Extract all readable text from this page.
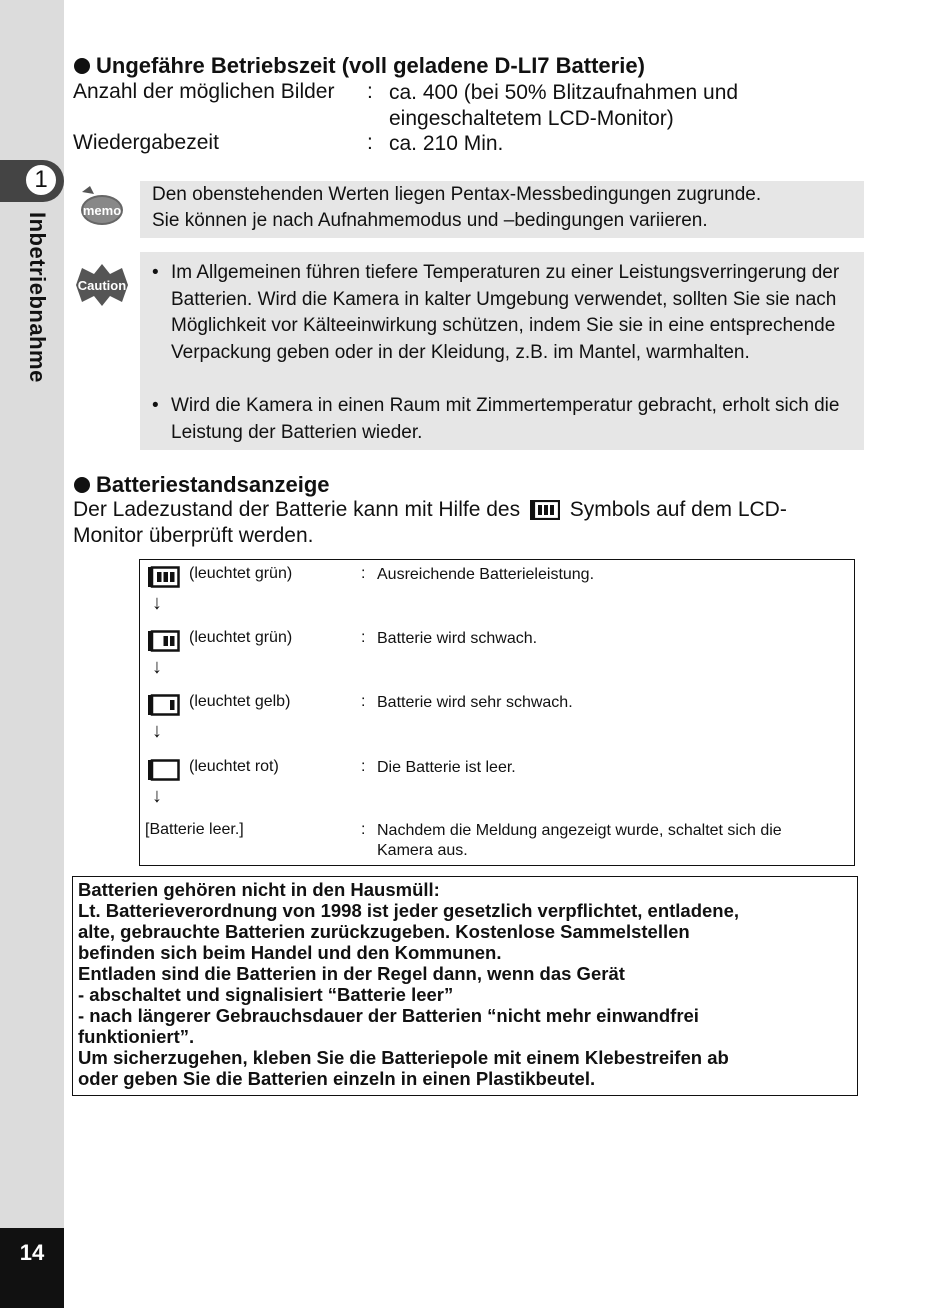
1
Inbetriebnahme
14
Ungefähre Betriebszeit (voll geladene D-LI7 Batterie)
Anzahl der möglichen Bilder : ca. 400 (bei 50% Blitzaufnahmen und
eingeschaltetem LCD-Monitor)
Wiedergabezeit	: ca. 210 Min.
memo
Den obenstehenden Werten liegen Pentax-Messbedingungen zugrunde.
Sie können je nach Aufnahmemodus und –bedingungen variieren.
Caution
• Im Allgemeinen führen tiefere Temperaturen zu einer Leistungsverringerung der Batterien. Wird die Kamera in kalter Umgebung verwendet, sollten Sie sie nach Möglichkeit vor Kälteeinwirkung schützen, indem Sie sie in eine entsprechende Verpackung geben oder in der Kleidung, z.B. im Mantel, warmhalten.
• Wird die Kamera in einen Raum mit Zimmertemperatur gebracht, erholt sich die Leistung der Batterien wieder.
Batteriestandsanzeige
Der Ladezustand der Batterie kann mit Hilfe des Symbols auf dem LCD-Monitor überprüft werden.
(leuchtet grün)	: Ausreichende Batterieleistung.
↓
(leuchtet grün)	: Batterie wird schwach.
↓
(leuchtet gelb)	: Batterie wird sehr schwach.
↓
(leuchtet rot)	: Die Batterie ist leer.
↓
[Batterie leer.]	: Nachdem die Meldung angezeigt wurde, schaltet sich die
Kamera aus.
Batterien gehören nicht in den Hausmüll:
Lt. Batterieverordnung von 1998 ist jeder gesetzlich verpflichtet, entladene,
alte, gebrauchte Batterien zurückzugeben. Kostenlose Sammelstellen
befinden sich beim Handel und den Kommunen.
Entladen sind die Batterien in der Regel dann, wenn das Gerät
- abschaltet und signalisiert “Batterie leer”
- nach längerer Gebrauchsdauer der Batterien “nicht mehr einwandfrei
funktioniert”.
Um sicherzugehen, kleben Sie die Batteriepole mit einem Klebestreifen ab
oder geben Sie die Batterien einzeln in einen Plastikbeutel.
